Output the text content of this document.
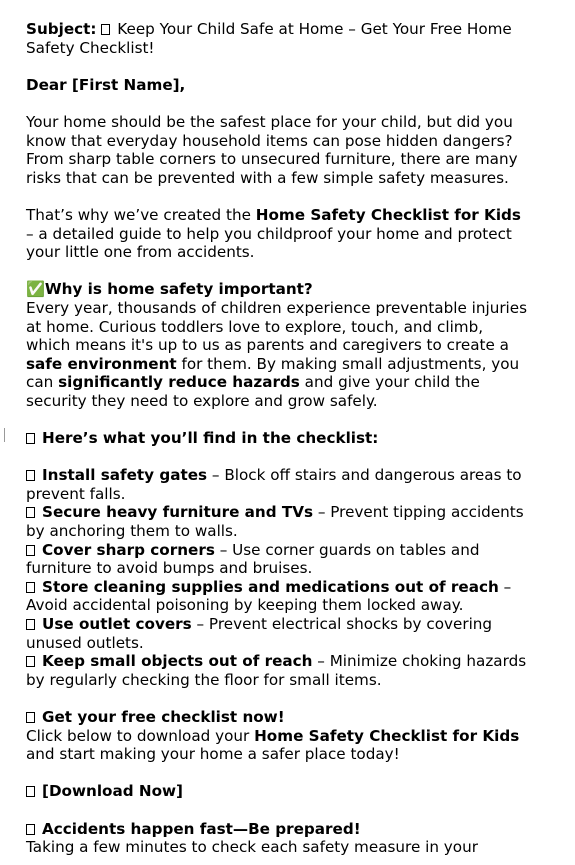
Subject: Keep Your Child Safe at Home – Get Your Free Home
Safety Checklist!
Dear [First Name],
Your home should be the safest place for your child, but did you
know that everyday household items can pose hidden dangers?
From sharp table corners to unsecured furniture, there are many
risks that can be prevented with a few simple safety measures.
That’s why we’ve created the Home Safety Checklist for Kids
– a detailed guide to help you childproof your home and protect
your little one from accidents.
✅Why is home safety important?
Every year, thousands of children experience preventable injuries
at home. Curious toddlers love to explore, touch, and climb,
which means it's up to us as parents and caregivers to create a
safe environment for them. By making small adjustments, you
can significantly reduce hazards and give your child the
security they need to explore and grow safely.
Here’s what you’ll find in the checklist:
Install safety gates – Block off stairs and dangerous areas to
prevent falls.
Secure heavy furniture and TVs – Prevent tipping accidents
by anchoring them to walls.
Cover sharp corners – Use corner guards on tables and
furniture to avoid bumps and bruises.
Store cleaning supplies and medications out of reach –
Avoid accidental poisoning by keeping them locked away.
Use outlet covers – Prevent electrical shocks by covering
unused outlets.
Keep small objects out of reach – Minimize choking hazards
by regularly checking the floor for small items.
Get your free checklist now!
Click below to download your Home Safety Checklist for Kids
and start making your home a safer place today!
[Download Now]
Accidents happen fast—Be prepared!
Taking a few minutes to check each safety measure in your
